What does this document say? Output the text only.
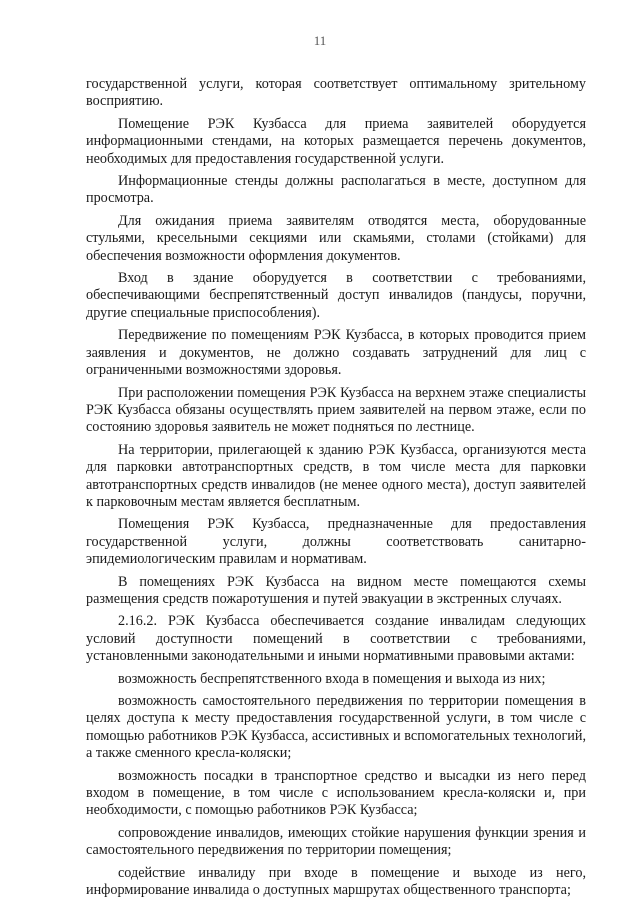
11

государственной услуги, которая соответствует оптимальному зрительному восприятию.

Помещение РЭК Кузбасса для приема заявителей оборудуется информационными стендами, на которых размещается перечень документов, необходимых для предоставления государственной услуги.

Информационные стенды должны располагаться в месте, доступном для просмотра.

Для ожидания приема заявителям отводятся места, оборудованные стульями, кресельными секциями или скамьями, столами (стойками) для обеспечения возможности оформления документов.

Вход в здание оборудуется в соответствии с требованиями, обеспечивающими беспрепятственный доступ инвалидов (пандусы, поручни, другие специальные приспособления).

Передвижение по помещениям РЭК Кузбасса, в которых проводится прием заявления и документов, не должно создавать затруднений для лиц с ограниченными возможностями здоровья.

При расположении помещения РЭК Кузбасса на верхнем этаже специалисты РЭК Кузбасса обязаны осуществлять прием заявителей на первом этаже, если по состоянию здоровья заявитель не может подняться по лестнице.

На территории, прилегающей к зданию РЭК Кузбасса, организуются места для парковки автотранспортных средств, в том числе места для парковки автотранспортных средств инвалидов (не менее одного места), доступ заявителей к парковочным местам является бесплатным.

Помещения РЭК Кузбасса, предназначенные для предоставления государственной услуги, должны соответствовать санитарно-эпидемиологическим правилам и нормативам.

В помещениях РЭК Кузбасса на видном месте помещаются схемы размещения средств пожаротушения и путей эвакуации в экстренных случаях.

2.16.2. РЭК Кузбасса обеспечивается создание инвалидам следующих условий доступности помещений в соответствии с требованиями, установленными законодательными и иными нормативными правовыми актами:

возможность беспрепятственного входа в помещения и выхода из них;

возможность самостоятельного передвижения по территории помещения в целях доступа к месту предоставления государственной услуги, в том числе с помощью работников РЭК Кузбасса, ассистивных и вспомогательных технологий, а также сменного кресла-коляски;

возможность посадки в транспортное средство и высадки из него перед входом в помещение, в том числе с использованием кресла-коляски и, при необходимости, с помощью работников РЭК Кузбасса;

сопровождение инвалидов, имеющих стойкие нарушения функции зрения и самостоятельного передвижения по территории помещения;

содействие инвалиду при входе в помещение и выходе из него, информирование инвалида о доступных маршрутах общественного транспорта;
